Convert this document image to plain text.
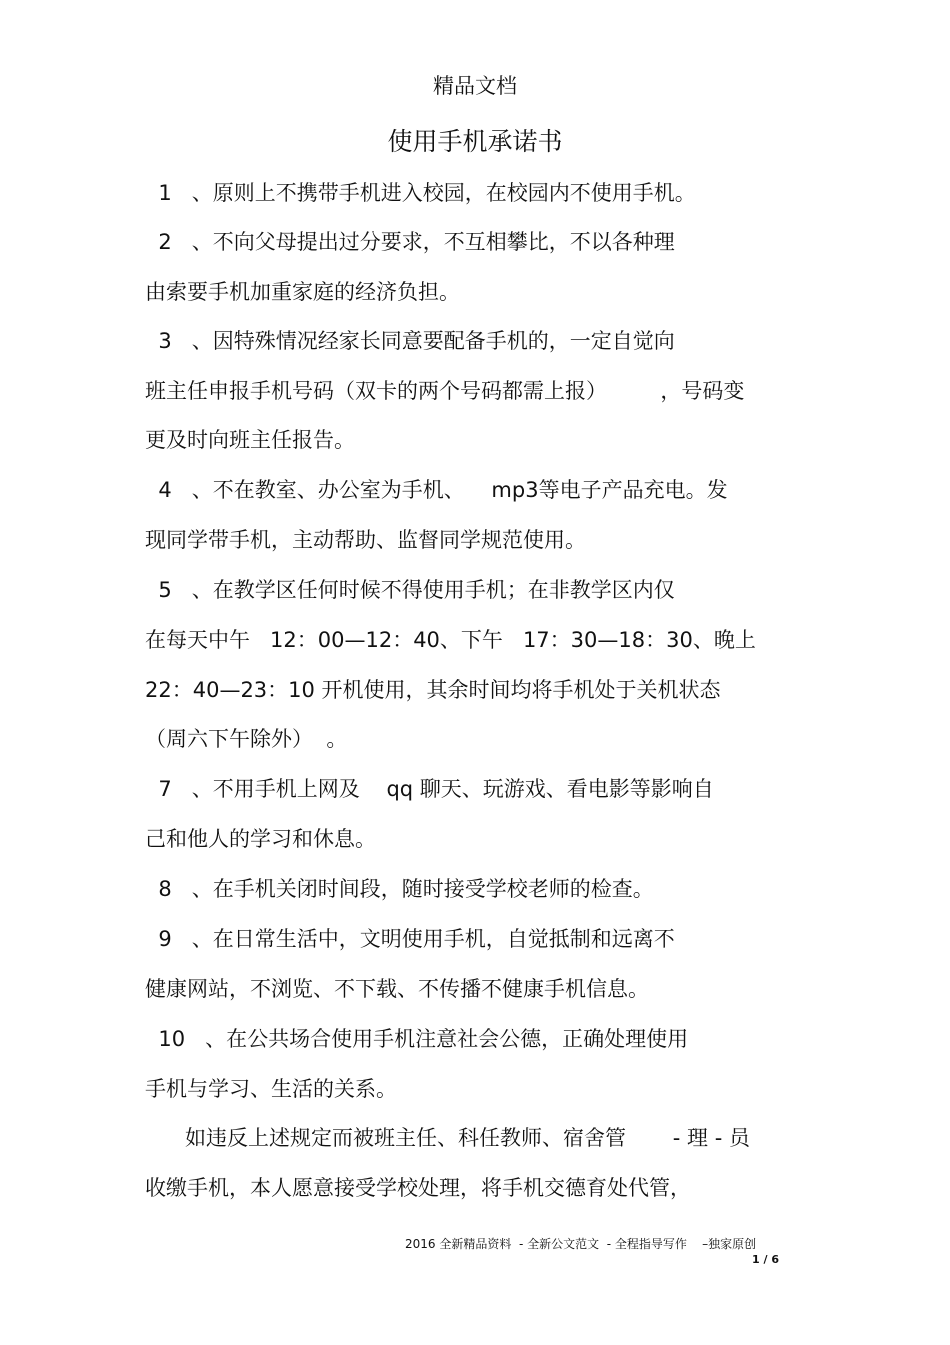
精品文档
使用手机承诺书
1   、原则上不携带手机进入校园，在校园内不使用手机。
2   、不向父母提出过分要求，不互相攀比，不以各种理
由索要手机加重家庭的经济负担。
3   、因特殊情况经家长同意要配备手机的，一定自觉向
班主任申报手机号码（双卡的两个号码都需上报）        ，号码变
更及时向班主任报告。
4   、不在教室、办公室为手机、    mp3等电子产品充电。发
现同学带手机，主动帮助、监督同学规范使用。
5   、在教学区任何时候不得使用手机；在非教学区内仅
在每天中午   12：00—12：40、下午   17：30—18：30、晚上
22：40—23：10 开机使用，其余时间均将手机处于关机状态
（周六下午除外）  。
7   、不用手机上网及    qq 聊天、玩游戏、看电影等影响自
己和他人的学习和休息。
8   、在手机关闭时间段，随时接受学校老师的检查。
9   、在日常生活中，文明使用手机，自觉抵制和远离不
健康网站，不浏览、不下载、不传播不健康手机信息。
10   、在公共场合使用手机注意社会公德，正确处理使用
手机与学习、生活的关系。
如违反上述规定而被班主任、科任教师、宿舍管       - 理 - 员
收缴手机，本人愿意接受学校处理，将手机交德育处代管，
2016 全新精品资料  - 全新公文范文  - 全程指导写作    –独家原创
1 / 6
